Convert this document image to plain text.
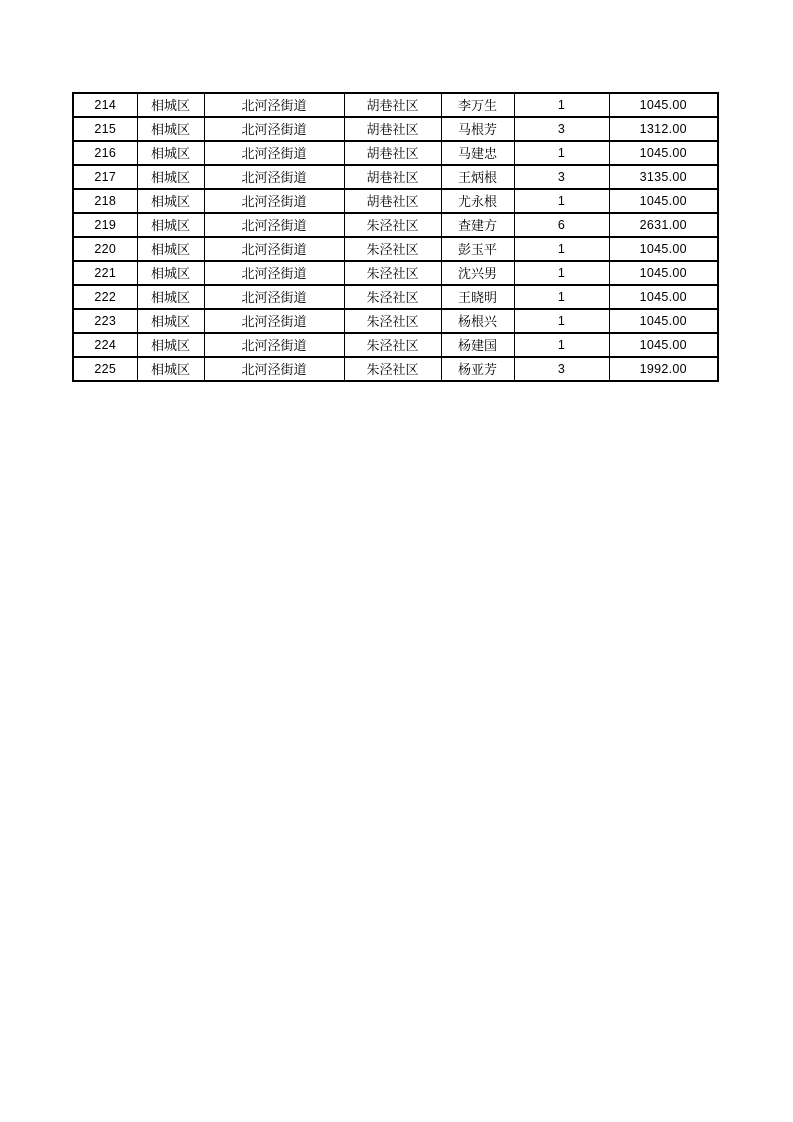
214	相城区	北河泾街道	胡巷社区	李万生	1	1045.00
215	相城区	北河泾街道	胡巷社区	马根芳	3	1312.00
216	相城区	北河泾街道	胡巷社区	马建忠	1	1045.00
217	相城区	北河泾街道	胡巷社区	王炳根	3	3135.00
218	相城区	北河泾街道	胡巷社区	尤永根	1	1045.00
219	相城区	北河泾街道	朱泾社区	查建方	6	2631.00
220	相城区	北河泾街道	朱泾社区	彭玉平	1	1045.00
221	相城区	北河泾街道	朱泾社区	沈兴男	1	1045.00
222	相城区	北河泾街道	朱泾社区	王晓明	1	1045.00
223	相城区	北河泾街道	朱泾社区	杨根兴	1	1045.00
224	相城区	北河泾街道	朱泾社区	杨建国	1	1045.00
225	相城区	北河泾街道	朱泾社区	杨亚芳	3	1992.00
